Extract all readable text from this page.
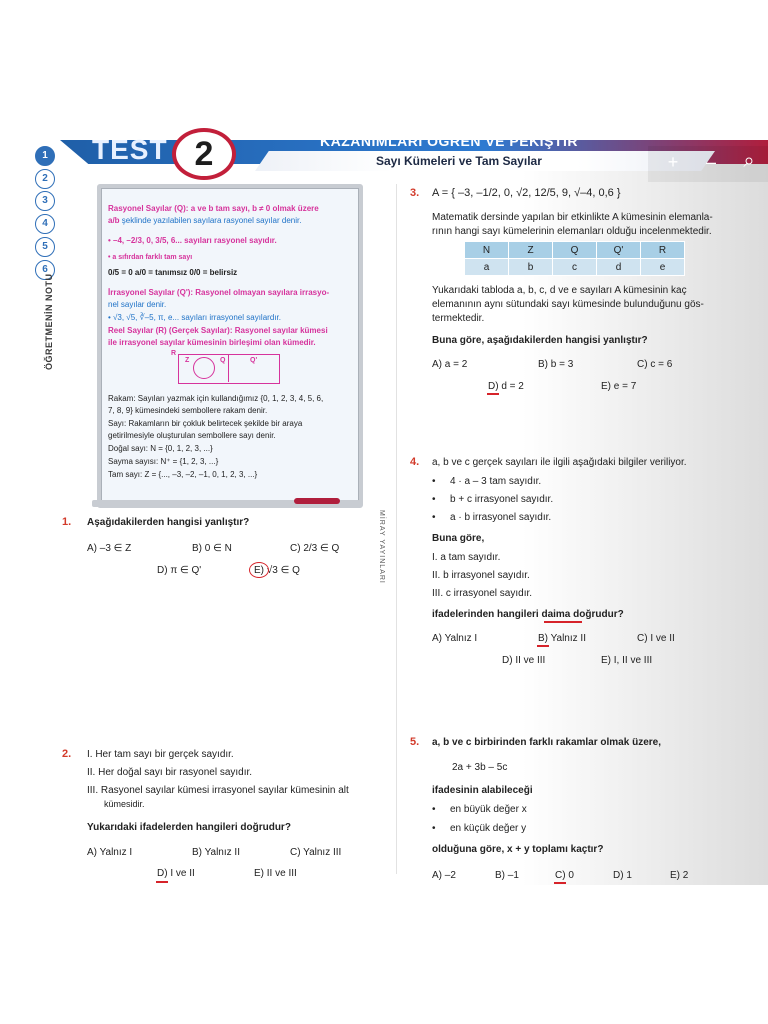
TEST 2	KAZANIMLARI ÖĞREN VE PEKİŞTİR
Sayı Kümeleri ve Tam Sayılar	+	–	⌕
1
2
3
4
5
6
ÖĞRETMENİN NOTU
Rasyonel Sayılar (Q): a ve b tam sayı, b ≠ 0 olmak üzere
a/b şeklinde yazılabilen sayılara rasyonel sayılar denir.
• –4, –2/3, 0, 3/5, 6... sayıları rasyonel sayıdır.
• a sıfırdan farklı tam sayı
0/5 = 0 a/0 = tanımsız 0/0 = belirsiz
İrrasyonel Sayılar (Q'): Rasyonel olmayan sayılara irrasyo-
nel sayılar denir.
• √3, √5, ∛–5, π, e... sayıları irrasyonel sayılardır.
Reel Sayılar (R) (Gerçek Sayılar): Rasyonel sayılar kümesi
ile irrasyonel sayılar kümesinin birleşimi olan kümedir.
R
Z	Q	Q'
Rakam: Sayıları yazmak için kullandığımız {0, 1, 2, 3, 4, 5, 6,
7, 8, 9} kümesindeki sembollere rakam denir.
Sayı: Rakamların bir çokluk belirtecek şekilde bir araya
getirilmesiyle oluşturulan sembollere sayı denir.
Doğal sayı: N = {0, 1, 2, 3, ...}
Sayma sayısı: N⁺ = {1, 2, 3, ...}
Tam sayı: Z = {..., –3, –2, –1, 0, 1, 2, 3, ...}
1. Aşağıdakilerden hangisi yanlıştır?
A) –3 ∈ Z	B) 0 ∈ N	C) 2/3 ∈ Q
D) π ∈ Q'	E) √3 ∈ Q	MİRAY YAYINLARI
2. I. Her tam sayı bir gerçek sayıdır.
II. Her doğal sayı bir rasyonel sayıdır.
III. Rasyonel sayılar kümesi irrasyonel sayılar kümesinin alt
kümesidir.
Yukarıdaki ifadelerden hangileri doğrudur?
A) Yalnız I	B) Yalnız II	C) Yalnız III
D) I ve II	E) II ve III
3. A = { –3, –1/2, 0, √2, 12/5, 9, √–4, 0,6 }
Matematik dersinde yapılan bir etkinlikte A kümesinin elemanla-
rının hangi sayı kümelerinin elemanları olduğu incelenmektedir.
N	Z	Q	Q'	R
a	b	c	d	e
Yukarıdaki tabloda a, b, c, d ve e sayıları A kümesinin kaç
elemanının aynı sütundaki sayı kümesinde bulunduğunu gös-
termektedir.
Buna göre, aşağıdakilerden hangisi yanlıştır?
A) a = 2	B) b = 3	C) c = 6
D) d = 2	E) e = 7
4. a, b ve c gerçek sayıları ile ilgili aşağıdaki bilgiler veriliyor.
• 4 · a – 3 tam sayıdır.
• b + c irrasyonel sayıdır.
• a · b irrasyonel sayıdır.
Buna göre,
I. a tam sayıdır.
II. b irrasyonel sayıdır.
III. c irrasyonel sayıdır.
ifadelerinden hangileri daima doğrudur?
A) Yalnız I	B) Yalnız II	C) I ve II
D) II ve III	E) I, II ve III
5. a, b ve c birbirinden farklı rakamlar olmak üzere,
2a + 3b – 5c
ifadesinin alabileceği
• en büyük değer x
• en küçük değer y
olduğuna göre, x + y toplamı kaçtır?
A) –2	B) –1	C) 0	D) 1	E) 2
